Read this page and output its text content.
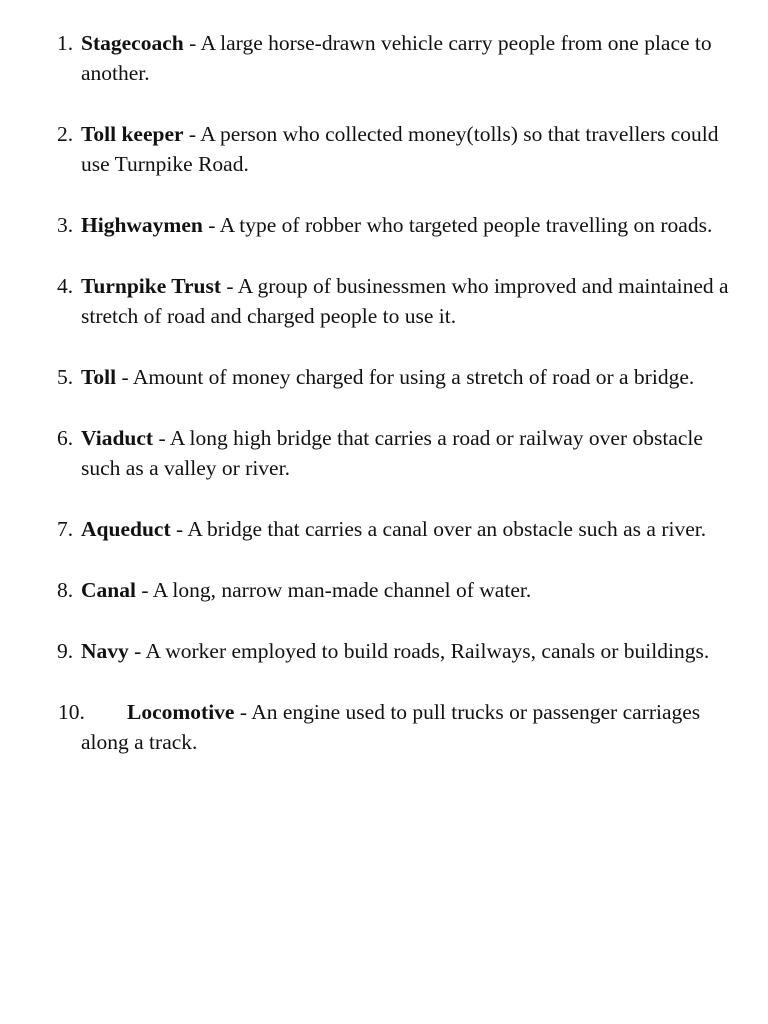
1. Stagecoach - A large horse-drawn vehicle carry people from one place to another.

2. Toll keeper - A person who collected money(tolls) so that travellers could use Turnpike Road.

3. Highwaymen - A type of robber who targeted people travelling on roads.

4. Turnpike Trust - A group of businessmen who improved and maintained a stretch of road and charged people to use it.

5. Toll - Amount of money charged for using a stretch of road or a bridge.

6. Viaduct - A long high bridge that carries a road or railway over obstacle such as a valley or river.

7. Aqueduct - A bridge that carries a canal over an obstacle such as a river.

8. Canal - A long, narrow man-made channel of water.

9. Navy - A worker employed to build roads, Railways, canals or buildings.

10. Locomotive - An engine used to pull trucks or passenger carriages along a track.
